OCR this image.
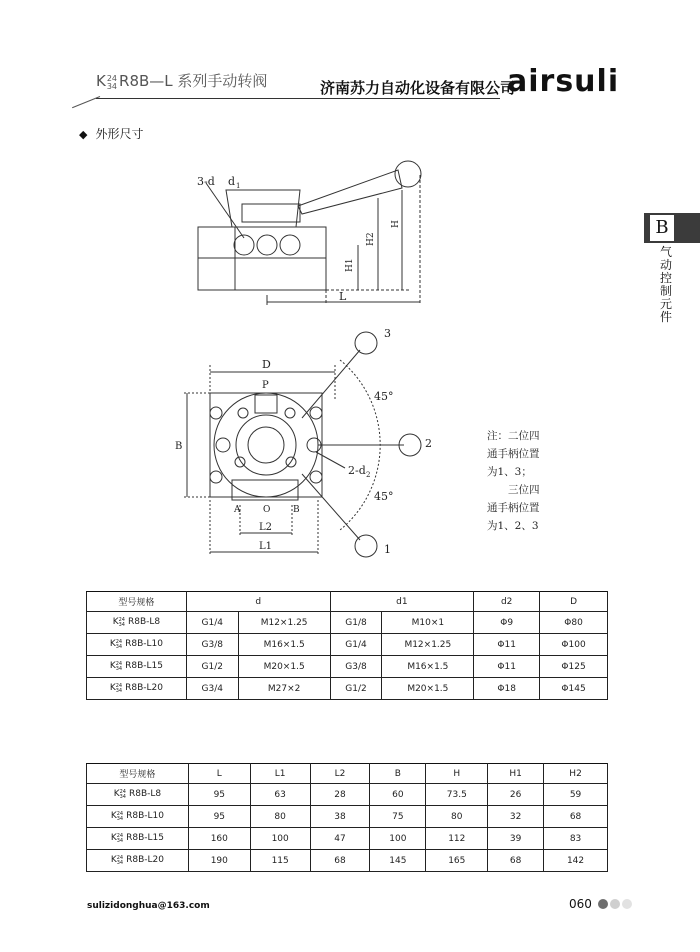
K 24
34 R8B—L 系列手动转阀	济南苏力自动化设备有限公司
airsuli
◆ 外形尺寸
B
气动控制元件
3-d d 1
H
H2
H1
L
D
P
B
3
2
1
45°
45°
2-d 2
A	O	B
L2
L1
注：二位四
通手柄位置
为1、3；
　　三位四
通手柄位置
为1、2、3
型号规格	d		d1		d2	D
K 24
34 R8B-L8	G1/4	M12×1.25	G1/8	M10×1	Φ9	Φ80
K 24
34 R8B-L10	G3/8	M16×1.5	G1/4	M12×1.25	Φ11	Φ100
K 24
34 R8B-L15	G1/2	M20×1.5	G3/8	M16×1.5	Φ11	Φ125
K 24
34 R8B-L20	G3/4	M27×2	G1/2	M20×1.5	Φ18	Φ145
型号规格	L	L1	L2	B	H	H1	H2
K 24
34 R8B-L8	95	63	28	60	73.5	26	59
K 24
34 R8B-L10	95	80	38	75	80	32	68
K 24
34 R8B-L15	160	100	47	100	112	39	83
K 24
34 R8B-L20	190	115	68	145	165	68	142
sulizidonghua@163.com	060
